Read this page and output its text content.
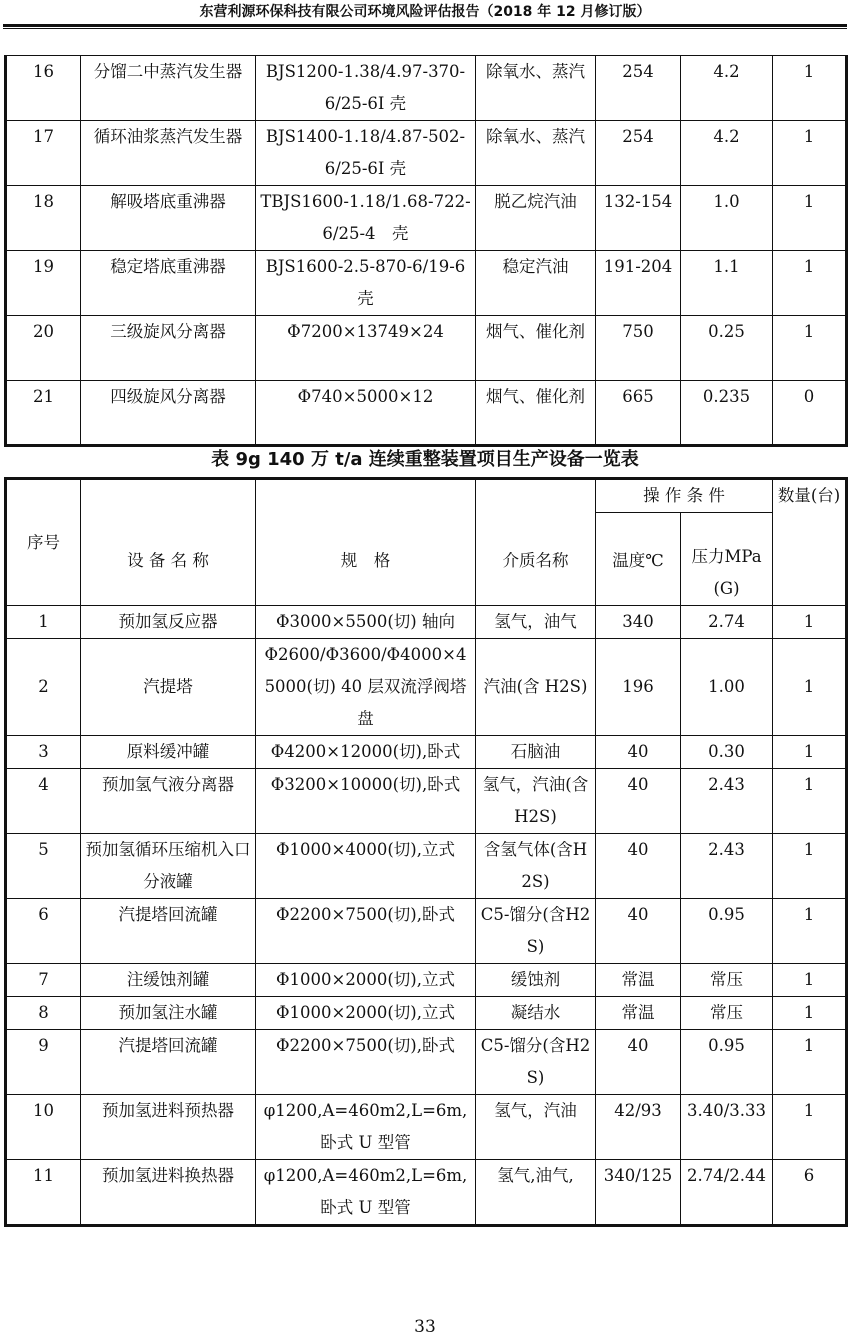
东营利源环保科技有限公司环境风险评估报告（2018 年 12 月修订版）
16	分馏二中蒸汽发生器	BJS1200-1.38/4.97-370-6/25-6I 壳	除氧水、蒸汽	254	4.2	1
17	循环油浆蒸汽发生器	BJS1400-1.18/4.87-502-6/25-6I 壳	除氧水、蒸汽	254	4.2	1
18	解吸塔底重沸器	TBJS1600-1.18/1.68-722-6/25-4　壳	脱乙烷汽油	132-154	1.0	1
19	稳定塔底重沸器	BJS1600-2.5-870-6/19-6壳	稳定汽油	191-204	1.1	1
20	三级旋风分离器	Φ7200×13749×24	烟气、催化剂	750	0.25	1
21	四级旋风分离器	Φ740×5000×12	烟气、催化剂	665	0.235	0
表 9g 140 万 t/a 连续重整装置项目生产设备一览表
序号	设 备 名 称	规　格	介质名称	操 作 条 件		数量(台)
				温度℃	压力MPa(G)	
1	预加氢反应器	Φ3000×5500(切) 轴向	氢气，油气	340	2.74	1
2	汽提塔	Φ2600/Φ3600/Φ4000×45000(切) 40 层双流浮阀塔盘	汽油(含 H2S)	196	1.00	1
3	原料缓冲罐	Φ4200×12000(切),卧式	石脑油	40	0.30	1
4	预加氢气液分离器	Φ3200×10000(切),卧式	氢气，汽油(含 H2S)	40	2.43	1
5	预加氢循环压缩机入口分液罐	Φ1000×4000(切),立式	含氢气体(含H2S)	40	2.43	1
6	汽提塔回流罐	Φ2200×7500(切),卧式	C5-馏分(含H2S)	40	0.95	1
7	注缓蚀剂罐	Φ1000×2000(切),立式	缓蚀剂	常温	常压	1
8	预加氢注水罐	Φ1000×2000(切),立式	凝结水	常温	常压	1
9	汽提塔回流罐	Φ2200×7500(切),卧式	C5-馏分(含H2S)	40	0.95	1
10	预加氢进料预热器	φ1200,A=460m2,L=6m,卧式 U 型管	氢气，汽油	42/93	3.40/3.33	1
11	预加氢进料换热器	φ1200,A=460m2,L=6m,卧式 U 型管	氢气,油气,	340/125	2.74/2.44	6
33
